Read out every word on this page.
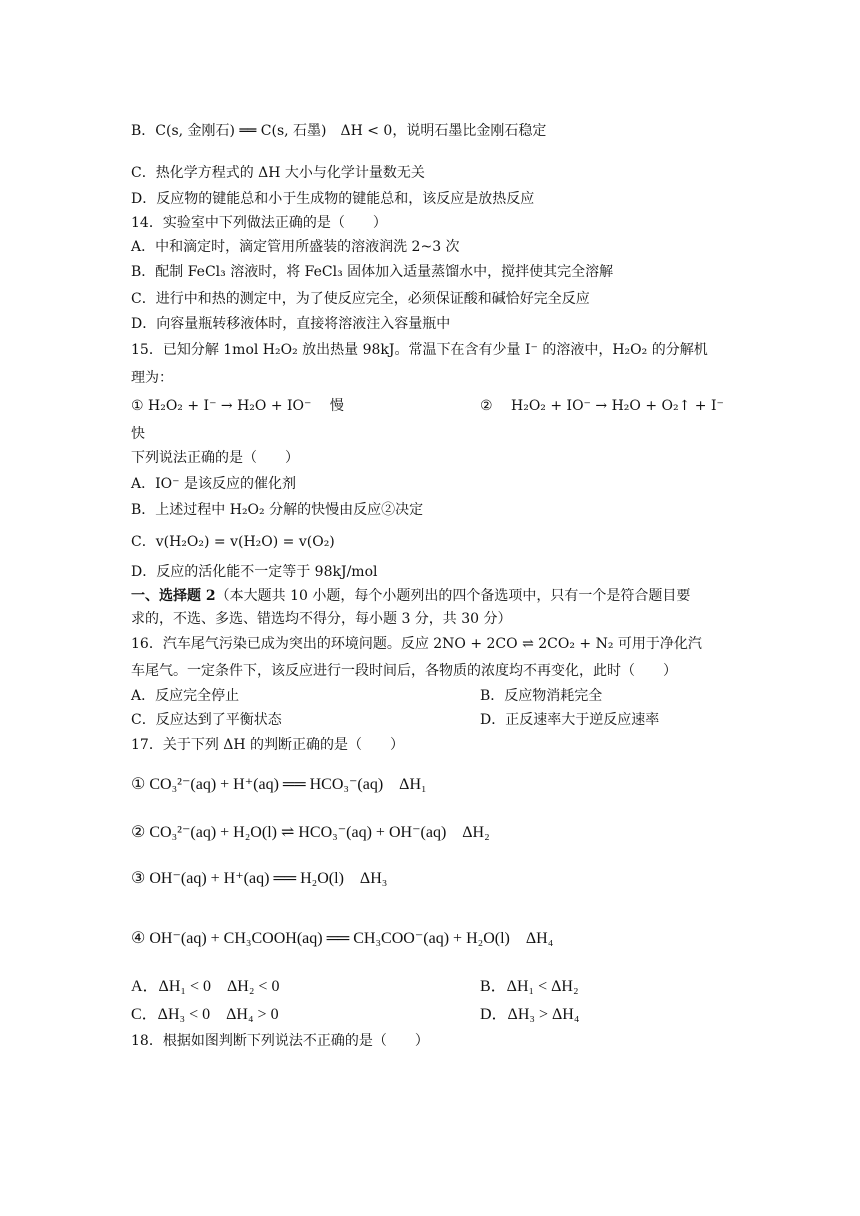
B．C(s, 金刚石) ══ C(s, 石墨)　ΔH < 0，说明石墨比金刚石稳定
C．热化学方程式的 ΔH 大小与化学计量数无关
D．反应物的键能总和小于生成物的键能总和，该反应是放热反应
14．实验室中下列做法正确的是（　　）
A．中和滴定时，滴定管用所盛装的溶液润洗 2~3 次
B．配制 FeCl₃ 溶液时，将 FeCl₃ 固体加入适量蒸馏水中，搅拌使其完全溶解
C．进行中和热的测定中，为了使反应完全，必须保证酸和碱恰好完全反应
D．向容量瓶转移液体时，直接将溶液注入容量瓶中
15．已知分解 1mol H₂O₂ 放出热量 98kJ。常温下在含有少量 I⁻ 的溶液中，H₂O₂ 的分解机
理为：
① H₂O₂ + I⁻ → H₂O + IO⁻　 慢	②　 H₂O₂ + IO⁻ → H₂O + O₂↑ + I⁻
快
下列说法正确的是（　　）
A．IO⁻ 是该反应的催化剂
B．上述过程中 H₂O₂ 分解的快慢由反应②决定
C．v(H₂O₂) = v(H₂O) = v(O₂)
D．反应的活化能不一定等于 98kJ/mol
一、选择题 2（本大题共 10 小题，每个小题列出的四个备选项中，只有一个是符合题目要
求的，不选、多选、错选均不得分，每小题 3 分，共 30 分）
16．汽车尾气污染已成为突出的环境问题。反应 2NO + 2CO ⇌ 2CO₂ + N₂ 可用于净化汽
车尾气。一定条件下，该反应进行一段时间后，各物质的浓度均不再变化，此时（　　）
A．反应完全停止	B．反应物消耗完全
C．反应达到了平衡状态	D．正反速率大于逆反应速率
17．关于下列 ΔH 的判断正确的是（　　）
① CO₃²⁻(aq) + H⁺(aq) ══ HCO₃⁻(aq)　ΔH₁
② CO₃²⁻(aq) + H₂O(l) ⇌ HCO₃⁻(aq) + OH⁻(aq)　ΔH₂
③ OH⁻(aq) + H⁺(aq) ══ H₂O(l)　ΔH₃
④ OH⁻(aq) + CH₃COOH(aq) ══ CH₃COO⁻(aq) + H₂O(l)　ΔH₄
A．ΔH₁ < 0　ΔH₂ < 0	B．ΔH₁ < ΔH₂
C．ΔH₃ < 0　ΔH₄ > 0	D．ΔH₃ > ΔH₄
18．根据如图判断下列说法不正确的是（　　）
